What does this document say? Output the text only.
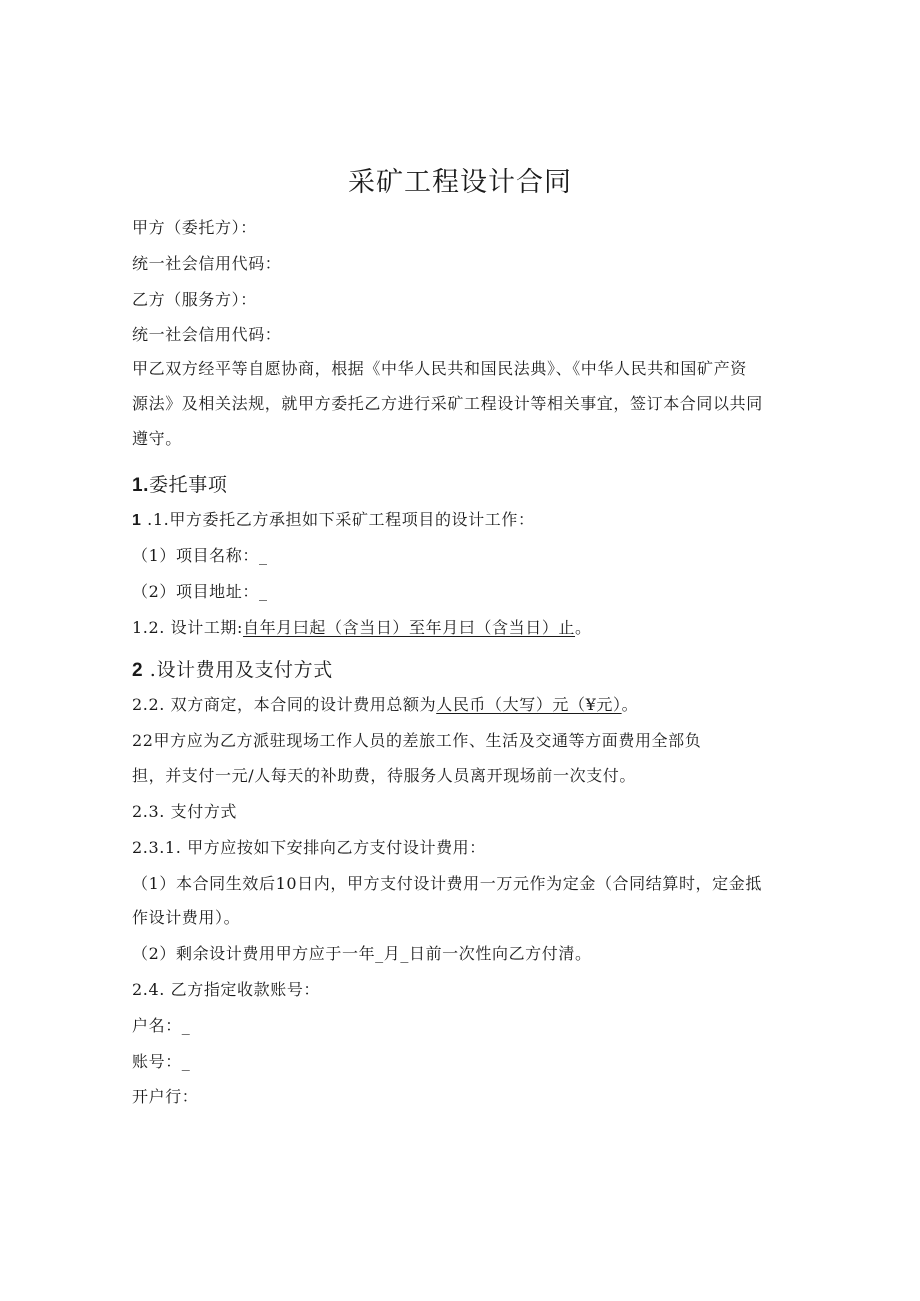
采矿工程设计合同
甲方（委托方）：
统一社会信用代码：
乙方（服务方）：
统一社会信用代码：
甲乙双方经平等自愿协商，根据《中华人民共和国民法典》、《中华人民共和国矿产资
源法》及相关法规，就甲方委托乙方进行采矿工程设计等相关事宜，签订本合同以共同
遵守。
1.委托事项
1 .1.甲方委托乙方承担如下采矿工程项目的设计工作：
（1）项目名称：_
（2）项目地址：_
1.2. 设计工期:自年月曰起（含当日）至年月曰（含当日）止。
2 .设计费用及支付方式
2.2. 双方商定，本合同的设计费用总额为人民币（大写）元（¥元）。
22甲方应为乙方派驻现场工作人员的差旅工作、生活及交通等方面费用全部负
担，并支付一元/人每天的补助费，待服务人员离开现场前一次支付。
2.3. 支付方式
2.3.1. 甲方应按如下安排向乙方支付设计费用：
（1）本合同生效后10日内，甲方支付设计费用一万元作为定金（合同结算时，定金抵
作设计费用）。
（2）剩余设计费用甲方应于一年_月_日前一次性向乙方付清。
2.4. 乙方指定收款账号：
户名：_
账号：_
开户行：
